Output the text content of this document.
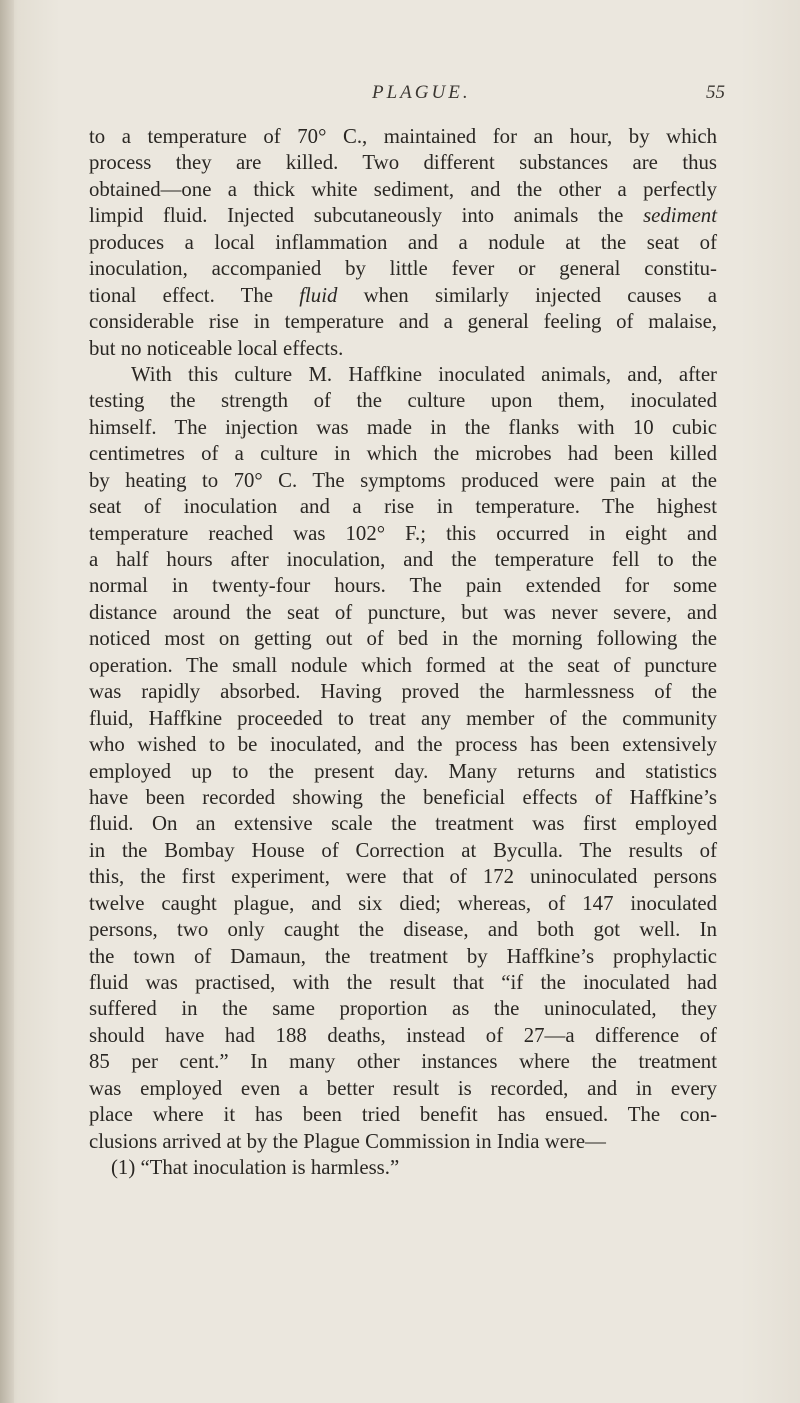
PLAGUE.	55
to a temperature of 70° C., maintained for an hour, by which
process they are killed. Two different substances are thus
obtained—one a thick white sediment, and the other a perfectly
limpid fluid. Injected subcutaneously into animals the sediment
produces a local inflammation and a nodule at the seat of
inoculation, accompanied by little fever or general constitu-
tional effect. The fluid when similarly injected causes a
considerable rise in temperature and a general feeling of malaise,
but no noticeable local effects.
With this culture M. Haffkine inoculated animals, and, after
testing the strength of the culture upon them, inoculated
himself. The injection was made in the flanks with 10 cubic
centimetres of a culture in which the microbes had been killed
by heating to 70° C. The symptoms produced were pain at the
seat of inoculation and a rise in temperature. The highest
temperature reached was 102° F.; this occurred in eight and
a half hours after inoculation, and the temperature fell to the
normal in twenty-four hours. The pain extended for some
distance around the seat of puncture, but was never severe, and
noticed most on getting out of bed in the morning following the
operation. The small nodule which formed at the seat of puncture
was rapidly absorbed. Having proved the harmlessness of the
fluid, Haffkine proceeded to treat any member of the community
who wished to be inoculated, and the process has been extensively
employed up to the present day. Many returns and statistics
have been recorded showing the beneficial effects of Haffkine’s
fluid. On an extensive scale the treatment was first employed
in the Bombay House of Correction at Byculla. The results of
this, the first experiment, were that of 172 uninoculated persons
twelve caught plague, and six died; whereas, of 147 inoculated
persons, two only caught the disease, and both got well. In
the town of Damaun, the treatment by Haffkine’s prophylactic
fluid was practised, with the result that “if the inoculated had
suffered in the same proportion as the uninoculated, they
should have had 188 deaths, instead of 27—a difference of
85 per cent.” In many other instances where the treatment
was employed even a better result is recorded, and in every
place where it has been tried benefit has ensued. The con-
clusions arrived at by the Plague Commission in India were—
(1) “That inoculation is harmless.”
